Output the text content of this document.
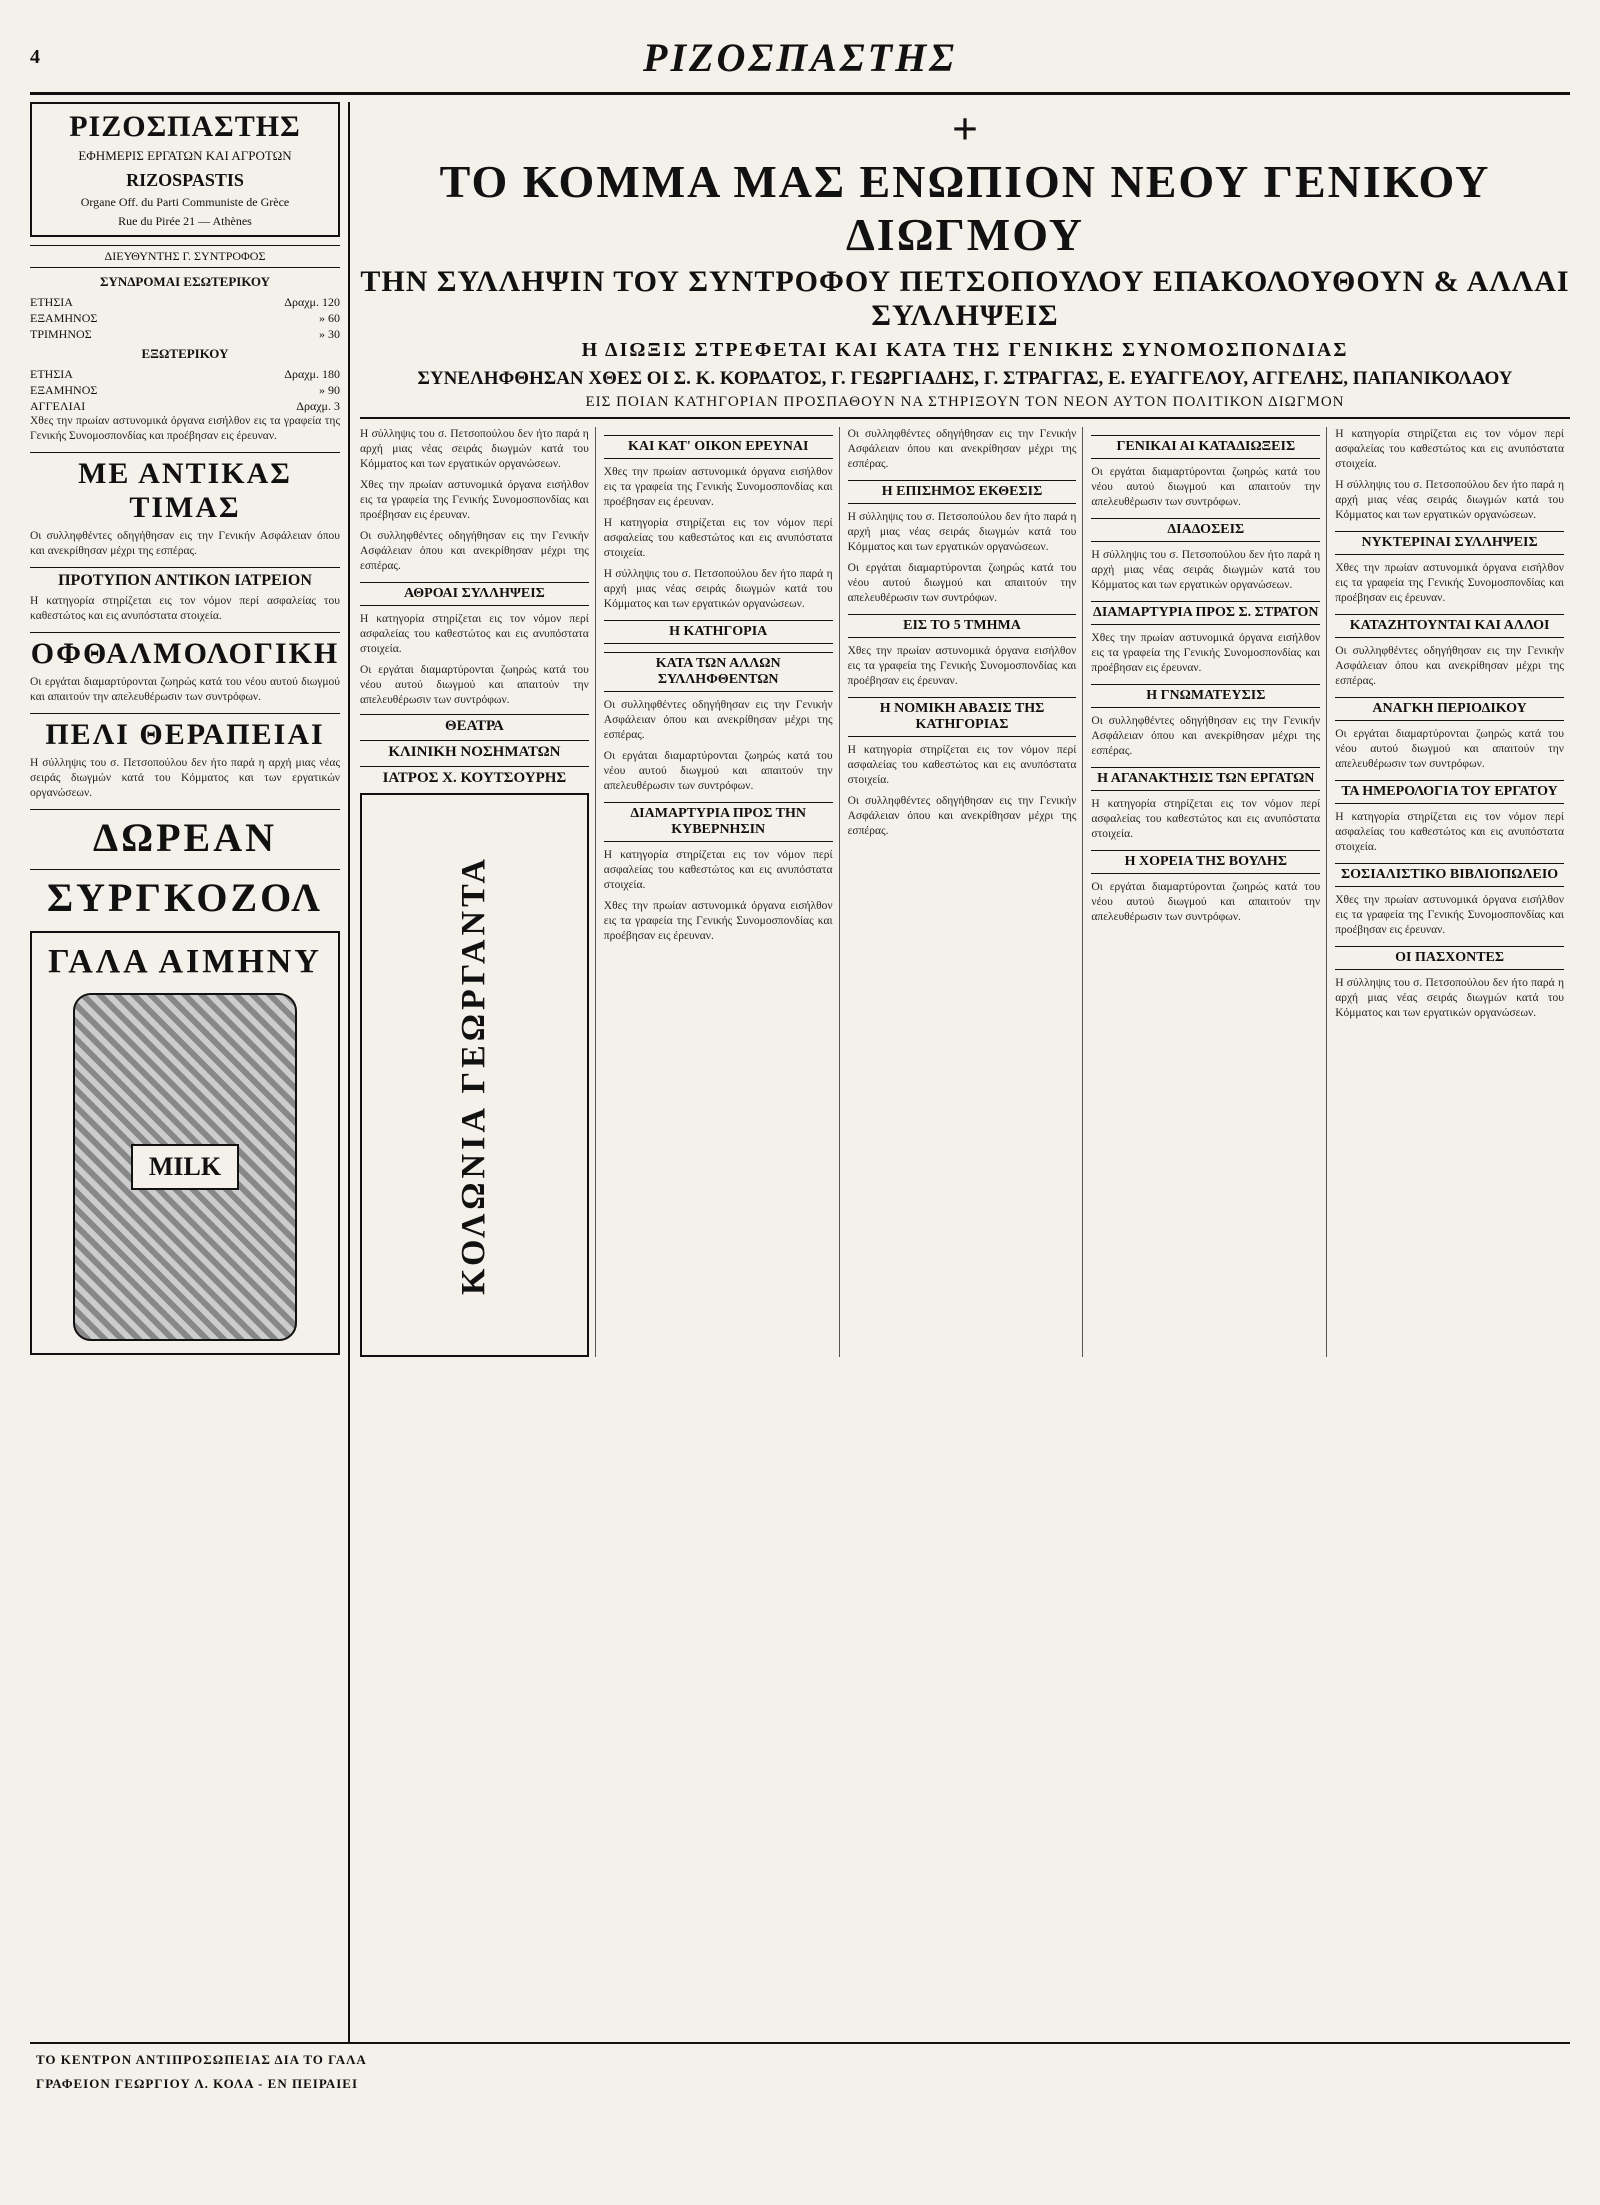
4	ΡΙΖΟΣΠΑΣΤΗΣ
ΡΙΖΟΣΠΑΣΤΗΣ
ΕΦΗΜΕΡΙΣ ΕΡΓΑΤΩΝ ΚΑΙ ΑΓΡΟΤΩΝ
RIZOSPASTIS
Organe Off. du Parti Communiste de Grèce
Rue du Pirée 21 — Athènes
ΔΙΕΥΘΥΝΤΗΣ Γ. ΣΥΝΤΡΟΦΟΣ
ΣΥΝΔΡΟΜΑΙ ΕΣΩΤΕΡΙΚΟΥ
ΕΤΗΣΙΑ	Δραχμ. 120
ΕΞΑΜΗΝΟΣ	» 60
ΤΡΙΜΗΝΟΣ	» 30
ΕΞΩΤΕΡΙΚΟΥ
ΕΤΗΣΙΑ	Δραχμ. 180
ΕΞΑΜΗΝΟΣ	» 90
ΑΓΓΕΛΙΑΙ	Δραχμ. 3

Χθες την πρωίαν αστυνομικά όργανα εισήλθον εις τα γραφεία της Γενικής Συνομοσπονδίας και προέβησαν εις έρευναν.

ΜΕ ΑΝΤΙΚΑΣ ΤΙΜΑΣ

Οι συλληφθέντες οδηγήθησαν εις την Γενικήν Ασφάλειαν όπου και ανεκρίθησαν μέχρι της εσπέρας.

ΠΡΟΤΥΠΟΝ ΑΝΤΙΚΟΝ ΙΑΤΡΕΙΟΝ

Η κατηγορία στηρίζεται εις τον νόμον περί ασφαλείας του καθεστώτος και εις ανυπόστατα στοιχεία.

ΟΦΘΑΛΜΟΛΟΓΙΚΗ

Οι εργάται διαμαρτύρονται ζωηρώς κατά του νέου αυτού διωγμού και απαιτούν την απελευθέρωσιν των συντρόφων.

ΠΕΛΙ ΘΕΡΑΠΕΙΑΙ

Η σύλληψις του σ. Πετσοπούλου δεν ήτο παρά η αρχή μιας νέας σειράς διωγμών κατά του Κόμματος και των εργατικών οργανώσεων.

ΔΩΡΕΑΝ
ΣΥΡΓΚΟΖΟΛ
ΓΑΛΑ ΑΙΜΗΝΥ
MILK
+ ΤΟ ΚΟΜΜΑ ΜΑΣ ΕΝΩΠΙΟΝ ΝΕΟΥ ΓΕΝΙΚΟΥ ΔΙΩΓΜΟΥ
ΤΗΝ ΣΥΛΛΗΨΙΝ ΤΟΥ ΣΥΝΤΡΟΦΟΥ ΠΕΤΣΟΠΟΥΛΟΥ ΕΠΑΚΟΛΟΥΘΟΥΝ & ΑΛΛΑΙ ΣΥΛΛΗΨΕΙΣ
Η ΔΙΩΞΙΣ ΣΤΡΕΦΕΤΑΙ ΚΑΙ ΚΑΤΑ ΤΗΣ ΓΕΝΙΚΗΣ ΣΥΝΟΜΟΣΠΟΝΔΙΑΣ
ΣΥΝΕΛΗΦΘΗΣΑΝ ΧΘΕΣ ΟΙ Σ. Κ. ΚΟΡΔΑΤΟΣ, Γ. ΓΕΩΡΓΙΑΔΗΣ, Γ. ΣΤΡΑΓΓΑΣ, Ε. ΕΥΑΓΓΕΛΟΥ, ΑΓΓΕΛΗΣ, ΠΑΠΑΝΙΚΟΛΑΟΥ
ΕΙΣ ΠΟΙΑΝ ΚΑΤΗΓΟΡΙΑΝ ΠΡΟΣΠΑΘΟΥΝ ΝΑ ΣΤΗΡΙΞΟΥΝ ΤΟΝ ΝΕΟΝ ΑΥΤΟΝ ΠΟΛΙΤΙΚΟΝ ΔΙΩΓΜΟΝ

Η σύλληψις του σ. Πετσοπούλου δεν ήτο παρά η αρχή μιας νέας σειράς διωγμών κατά του Κόμματος και των εργατικών οργανώσεων.

Χθες την πρωίαν αστυνομικά όργανα εισήλθον εις τα γραφεία της Γενικής Συνομοσπονδίας και προέβησαν εις έρευναν.

Οι συλληφθέντες οδηγήθησαν εις την Γενικήν Ασφάλειαν όπου και ανεκρίθησαν μέχρι της εσπέρας.

ΑΘΡΟΑΙ ΣΥΛΛΗΨΕΙΣ

Η κατηγορία στηρίζεται εις τον νόμον περί ασφαλείας του καθεστώτος και εις ανυπόστατα στοιχεία.

Οι εργάται διαμαρτύρονται ζωηρώς κατά του νέου αυτού διωγμού και απαιτούν την απελευθέρωσιν των συντρόφων.

ΘΕΑΤΡΑ
ΚΛΙΝΙΚΗ ΝΟΣΗΜΑΤΩΝ
ΙΑΤΡΟΣ Χ. ΚΟΥΤΣΟΥΡΗΣ
ΚΟΛΩΝΙΑ ΓΕΩΡΓΑΝΤΑ
ΚΑΙ ΚΑΤ' ΟΙΚΟΝ ΕΡΕΥΝΑΙ

Χθες την πρωίαν αστυνομικά όργανα εισήλθον εις τα γραφεία της Γενικής Συνομοσπονδίας και προέβησαν εις έρευναν.

Η κατηγορία στηρίζεται εις τον νόμον περί ασφαλείας του καθεστώτος και εις ανυπόστατα στοιχεία.

Η σύλληψις του σ. Πετσοπούλου δεν ήτο παρά η αρχή μιας νέας σειράς διωγμών κατά του Κόμματος και των εργατικών οργανώσεων.

Η ΚΑΤΗΓΟΡΙΑ
ΚΑΤΑ ΤΩΝ ΑΛΛΩΝ ΣΥΛΛΗΦΘΕΝΤΩΝ

Οι συλληφθέντες οδηγήθησαν εις την Γενικήν Ασφάλειαν όπου και ανεκρίθησαν μέχρι της εσπέρας.

Οι εργάται διαμαρτύρονται ζωηρώς κατά του νέου αυτού διωγμού και απαιτούν την απελευθέρωσιν των συντρόφων.

ΔΙΑΜΑΡΤΥΡΙΑ ΠΡΟΣ ΤΗΝ ΚΥΒΕΡΝΗΣΙΝ

Η κατηγορία στηρίζεται εις τον νόμον περί ασφαλείας του καθεστώτος και εις ανυπόστατα στοιχεία.

Χθες την πρωίαν αστυνομικά όργανα εισήλθον εις τα γραφεία της Γενικής Συνομοσπονδίας και προέβησαν εις έρευναν.

Οι συλληφθέντες οδηγήθησαν εις την Γενικήν Ασφάλειαν όπου και ανεκρίθησαν μέχρι της εσπέρας.

Η ΕΠΙΣΗΜΟΣ ΕΚΘΕΣΙΣ

Η σύλληψις του σ. Πετσοπούλου δεν ήτο παρά η αρχή μιας νέας σειράς διωγμών κατά του Κόμματος και των εργατικών οργανώσεων.

Οι εργάται διαμαρτύρονται ζωηρώς κατά του νέου αυτού διωγμού και απαιτούν την απελευθέρωσιν των συντρόφων.

ΕΙΣ ΤΟ 5 ΤΜΗΜΑ

Χθες την πρωίαν αστυνομικά όργανα εισήλθον εις τα γραφεία της Γενικής Συνομοσπονδίας και προέβησαν εις έρευναν.

Η ΝΟΜΙΚΗ ΑΒΑΣΙΣ ΤΗΣ ΚΑΤΗΓΟΡΙΑΣ

Η κατηγορία στηρίζεται εις τον νόμον περί ασφαλείας του καθεστώτος και εις ανυπόστατα στοιχεία.

Οι συλληφθέντες οδηγήθησαν εις την Γενικήν Ασφάλειαν όπου και ανεκρίθησαν μέχρι της εσπέρας.

ΓΕΝΙΚΑΙ ΑΙ ΚΑΤΑΔΙΩΞΕΙΣ

Οι εργάται διαμαρτύρονται ζωηρώς κατά του νέου αυτού διωγμού και απαιτούν την απελευθέρωσιν των συντρόφων.

ΔΙΑΔΟΣΕΙΣ

Η σύλληψις του σ. Πετσοπούλου δεν ήτο παρά η αρχή μιας νέας σειράς διωγμών κατά του Κόμματος και των εργατικών οργανώσεων.

ΔΙΑΜΑΡΤΥΡΙΑ ΠΡΟΣ Σ. ΣΤΡΑΤΟΝ

Χθες την πρωίαν αστυνομικά όργανα εισήλθον εις τα γραφεία της Γενικής Συνομοσπονδίας και προέβησαν εις έρευναν.

Η ΓΝΩΜΑΤΕΥΣΙΣ

Οι συλληφθέντες οδηγήθησαν εις την Γενικήν Ασφάλειαν όπου και ανεκρίθησαν μέχρι της εσπέρας.

Η ΑΓΑΝΑΚΤΗΣΙΣ ΤΩΝ ΕΡΓΑΤΩΝ

Η κατηγορία στηρίζεται εις τον νόμον περί ασφαλείας του καθεστώτος και εις ανυπόστατα στοιχεία.

Η ΧΟΡΕΙΑ ΤΗΣ ΒΟΥΛΗΣ

Οι εργάται διαμαρτύρονται ζωηρώς κατά του νέου αυτού διωγμού και απαιτούν την απελευθέρωσιν των συντρόφων.

Η κατηγορία στηρίζεται εις τον νόμον περί ασφαλείας του καθεστώτος και εις ανυπόστατα στοιχεία.

Η σύλληψις του σ. Πετσοπούλου δεν ήτο παρά η αρχή μιας νέας σειράς διωγμών κατά του Κόμματος και των εργατικών οργανώσεων.

ΝΥΚΤΕΡΙΝΑΙ ΣΥΛΛΗΨΕΙΣ

Χθες την πρωίαν αστυνομικά όργανα εισήλθον εις τα γραφεία της Γενικής Συνομοσπονδίας και προέβησαν εις έρευναν.

ΚΑΤΑΖΗΤΟΥΝΤΑΙ ΚΑΙ ΑΛΛΟΙ

Οι συλληφθέντες οδηγήθησαν εις την Γενικήν Ασφάλειαν όπου και ανεκρίθησαν μέχρι της εσπέρας.

ΑΝΑΓΚΗ ΠΕΡΙΟΔΙΚΟΥ

Οι εργάται διαμαρτύρονται ζωηρώς κατά του νέου αυτού διωγμού και απαιτούν την απελευθέρωσιν των συντρόφων.

ΤΑ ΗΜΕΡΟΛΟΓΙΑ ΤΟΥ ΕΡΓΑΤΟΥ

Η κατηγορία στηρίζεται εις τον νόμον περί ασφαλείας του καθεστώτος και εις ανυπόστατα στοιχεία.

ΣΟΣΙΑΛΙΣΤΙΚΟ ΒΙΒΛΙΟΠΩΛΕΙΟ

Χθες την πρωίαν αστυνομικά όργανα εισήλθον εις τα γραφεία της Γενικής Συνομοσπονδίας και προέβησαν εις έρευναν.

ΟΙ ΠΑΣΧΟΝΤΕΣ

Η σύλληψις του σ. Πετσοπούλου δεν ήτο παρά η αρχή μιας νέας σειράς διωγμών κατά του Κόμματος και των εργατικών οργανώσεων.

ΤΟ ΚΕΝΤΡΟΝ ΑΝΤΙΠΡΟΣΩΠΕΙΑΣ ΔΙΑ ΤΟ ΓΑΛΑ
ΓΡΑΦΕΙΟΝ ΓΕΩΡΓΙΟΥ Λ. ΚΟΛΑ - ΕΝ ΠΕΙΡΑΙΕΙ
